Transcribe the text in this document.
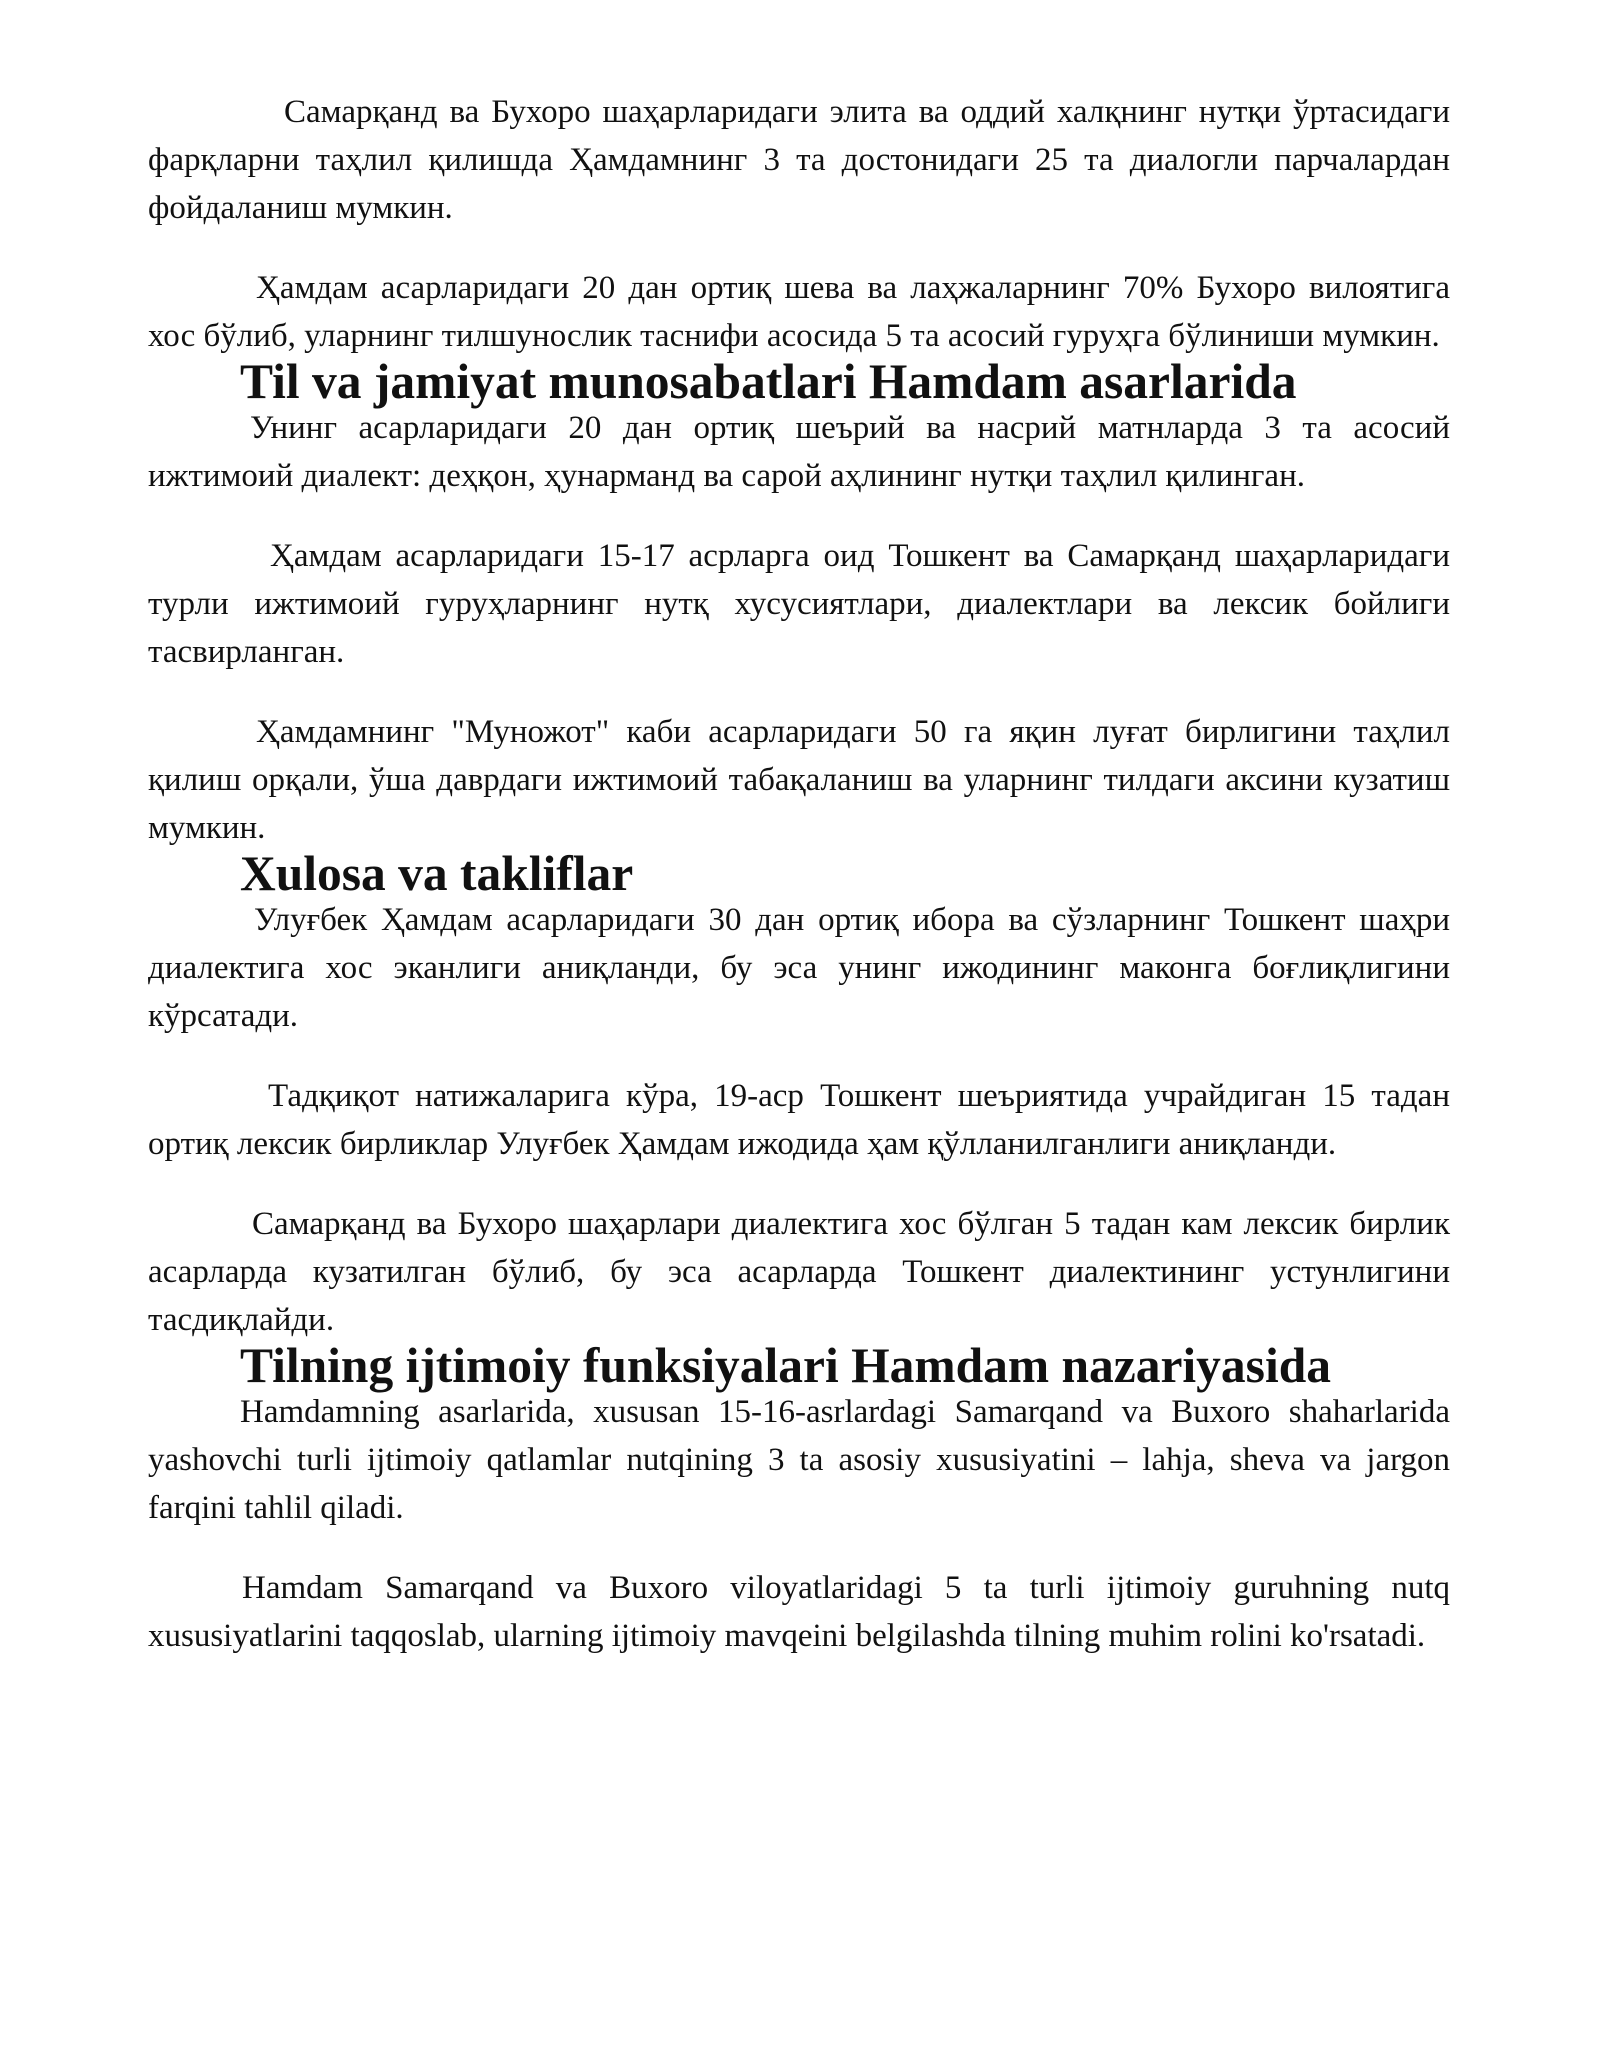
Самарқанд ва Бухоро шаҳарларидаги элита ва оддий халқнинг нутқи ўртасидаги фарқларни таҳлил қилишда Ҳамдамнинг 3 та достонидаги 25 та диалогли парчалардан фойдаланиш мумкин.

Ҳамдам асарларидаги 20 дан ортиқ шева ва лаҳжаларнинг 70% Бухоро вилоятига хос бўлиб, уларнинг тилшунослик таснифи асосида 5 та асосий гуруҳга бўлиниши мумкин.

Til va jamiyat munosabatlari Hamdam asarlarida

Унинг асарларидаги 20 дан ортиқ шеърий ва насрий матнларда 3 та асосий ижтимоий диалект: деҳқон, ҳунарманд ва сарой аҳлининг нутқи таҳлил қилинган.

Ҳамдам асарларидаги 15-17 асрларга оид Тошкент ва Самарқанд шаҳарларидаги турли ижтимоий гуруҳларнинг нутқ хусусиятлари, диалектлари ва лексик бойлиги тасвирланган.

Ҳамдамнинг "Муножот" каби асарларидаги 50 га яқин луғат бирлигини таҳлил қилиш орқали, ўша даврдаги ижтимоий табақаланиш ва уларнинг тилдаги аксини кузатиш мумкин.

Xulosa va takliflar

Улуғбек Ҳамдам асарларидаги 30 дан ортиқ ибора ва сўзларнинг Тошкент шаҳри диалектига хос эканлиги аниқланди, бу эса унинг ижодининг маконга боғлиқлигини кўрсатади.

Тадқиқот натижаларига кўра, 19-аср Тошкент шеъриятида учрайдиган 15 тадан ортиқ лексик бирликлар Улуғбек Ҳамдам ижодида ҳам қўлланилганлиги аниқланди.

Самарқанд ва Бухоро шаҳарлари диалектига хос бўлган 5 тадан кам лексик бирлик асарларда кузатилган бўлиб, бу эса асарларда Тошкент диалектининг устунлигини тасдиқлайди.

Tilning ijtimoiy funksiyalari Hamdam nazariyasida

Hamdamning asarlarida, xususan 15-16-asrlardagi Samarqand va Buxoro shaharlarida yashovchi turli ijtimoiy qatlamlar nutqining 3 ta asosiy xususiyatini – lahja, sheva va jargon farqini tahlil qiladi.

Hamdam Samarqand va Buxoro viloyatlaridagi 5 ta turli ijtimoiy guruhning nutq xususiyatlarini taqqoslab, ularning ijtimoiy mavqeini belgilashda tilning muhim rolini ko'rsatadi.
